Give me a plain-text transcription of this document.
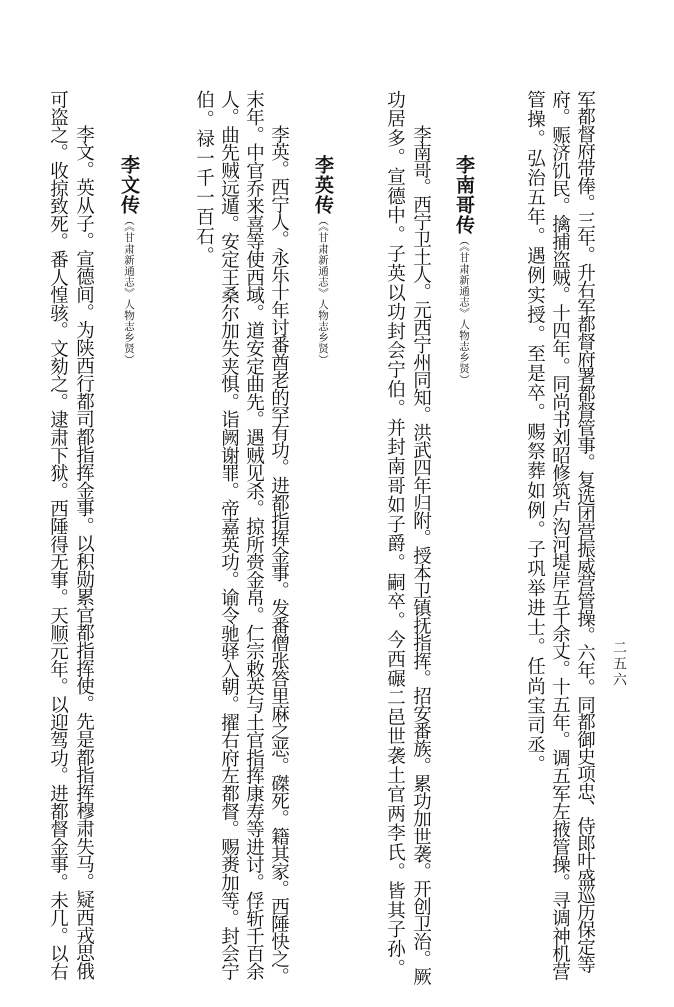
二五六
军都督府带俸。三年。升右军都督府署都督管事。复选团营振威营管操。六年。同都御史项忠、侍郎叶盛巡历保定等
府。赈济饥民。擒捕盗贼。十四年。同尚书刘昭修筑卢沟河堤岸五千余丈。十五年。调五军左掖管操。寻调神机营
管操。弘治五年。遇例实授。至是卒。赐祭葬如例。子巩举进士。任尚宝司丞。
李南哥传（《甘肃新通志》人物志乡贤）
李南哥。西宁卫土人。元西宁州同知。洪武四年归附。授本卫镇抚指挥。招安番族。累功加世袭。开创卫治。厥
功居多。宣德中。子英以功封会宁伯。并封南哥如子爵。嗣卒。今西碾二邑世袭土官两李氏。皆其子孙。
李英传（《甘肃新通志》人物志乡贤）
李英。西宁人。永乐十年讨番酋老的罕有功。进都指挥金事。发番僧张答里麻之恶。磔死。籍其家。西陲快之。
末年。中官乔来喜等使西域。道安定曲先。遇贼见杀。掠所赍金帛。仁宗敕英与土官指挥康寿等进讨。俘斩千百余
人。曲先贼远遁。安定王桑尔加失夹惧。诣阙谢罪。帝嘉英功。谕令驰驿入朝。擢右府左都督。赐赉加等。封会宁
伯。禄一千一百石。
李文传（《甘肃新通志》人物志乡贤）
李文。英从子。宣德间。为陕西行都司都指挥金事。以积勋累官都指挥使。先是都指挥穆肃失马。疑西戎思俄
可盗之。收掠致死。番人惶骇。文劾之。逮肃下狱。西陲得无事。天顺元年。以迎驾功。进都督金事。未几。以右
